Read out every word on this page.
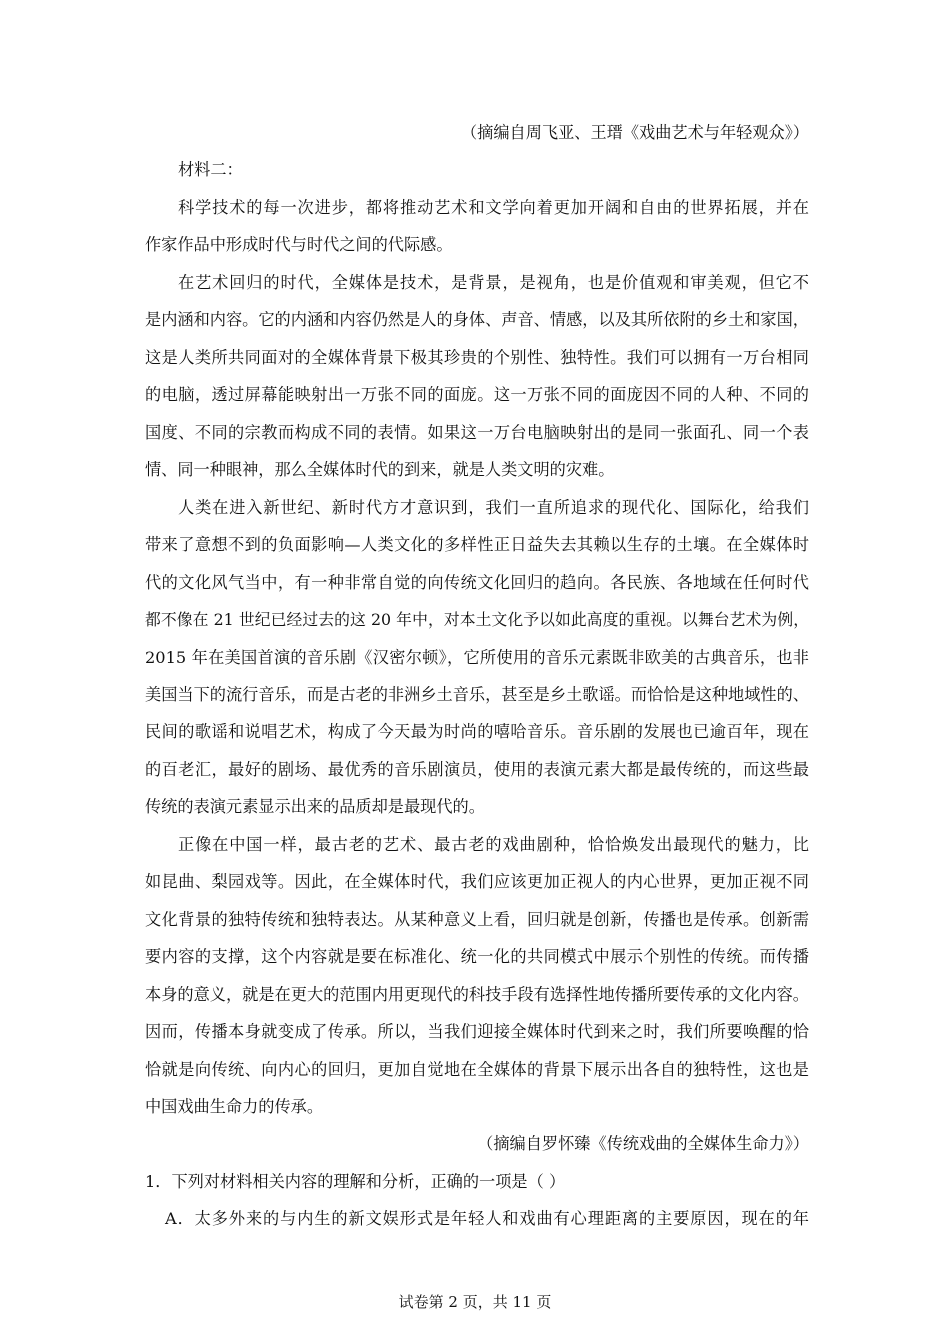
（摘编自周飞亚、王瑨《戏曲艺术与年轻观众》）
材料二：
科学技术的每一次进步，都将推动艺术和文学向着更加开阔和自由的世界拓展，并在
作家作品中形成时代与时代之间的代际感。
在艺术回归的时代，全媒体是技术，是背景，是视角，也是价值观和审美观，但它不
是内涵和内容。它的内涵和内容仍然是人的身体、声音、情感，以及其所依附的乡土和家国，
这是人类所共同面对的全媒体背景下极其珍贵的个别性、独特性。我们可以拥有一万台相同
的电脑，透过屏幕能映射出一万张不同的面庞。这一万张不同的面庞因不同的人种、不同的
国度、不同的宗教而构成不同的表情。如果这一万台电脑映射出的是同一张面孔、同一个表
情、同一种眼神，那么全媒体时代的到来，就是人类文明的灾难。
人类在进入新世纪、新时代方才意识到，我们一直所追求的现代化、国际化，给我们
带来了意想不到的负面影响—人类文化的多样性正日益失去其赖以生存的土壤。在全媒体时
代的文化风气当中，有一种非常自觉的向传统文化回归的趋向。各民族、各地域在任何时代
都不像在 21 世纪已经过去的这 20 年中，对本土文化予以如此高度的重视。以舞台艺术为例，
2015 年在美国首演的音乐剧《汉密尔顿》，它所使用的音乐元素既非欧美的古典音乐，也非
美国当下的流行音乐，而是古老的非洲乡土音乐，甚至是乡土歌谣。而恰恰是这种地域性的、
民间的歌谣和说唱艺术，构成了今天最为时尚的嘻哈音乐。音乐剧的发展也已逾百年，现在
的百老汇，最好的剧场、最优秀的音乐剧演员，使用的表演元素大都是最传统的，而这些最
传统的表演元素显示出来的品质却是最现代的。
正像在中国一样，最古老的艺术、最古老的戏曲剧种，恰恰焕发出最现代的魅力，比
如昆曲、梨园戏等。因此，在全媒体时代，我们应该更加正视人的内心世界，更加正视不同
文化背景的独特传统和独特表达。从某种意义上看，回归就是创新，传播也是传承。创新需
要内容的支撑，这个内容就是要在标准化、统一化的共同模式中展示个别性的传统。而传播
本身的意义，就是在更大的范围内用更现代的科技手段有选择性地传播所要传承的文化内容。
因而，传播本身就变成了传承。所以，当我们迎接全媒体时代到来之时，我们所要唤醒的恰
恰就是向传统、向内心的回归，更加自觉地在全媒体的背景下展示出各自的独特性，这也是
中国戏曲生命力的传承。
（摘编自罗怀臻《传统戏曲的全媒体生命力》）
1．下列对材料相关内容的理解和分析，正确的一项是（ ）
A．太多外来的与内生的新文娱形式是年轻人和戏曲有心理距离的主要原因，现在的年
试卷第 2 页，共 11 页
